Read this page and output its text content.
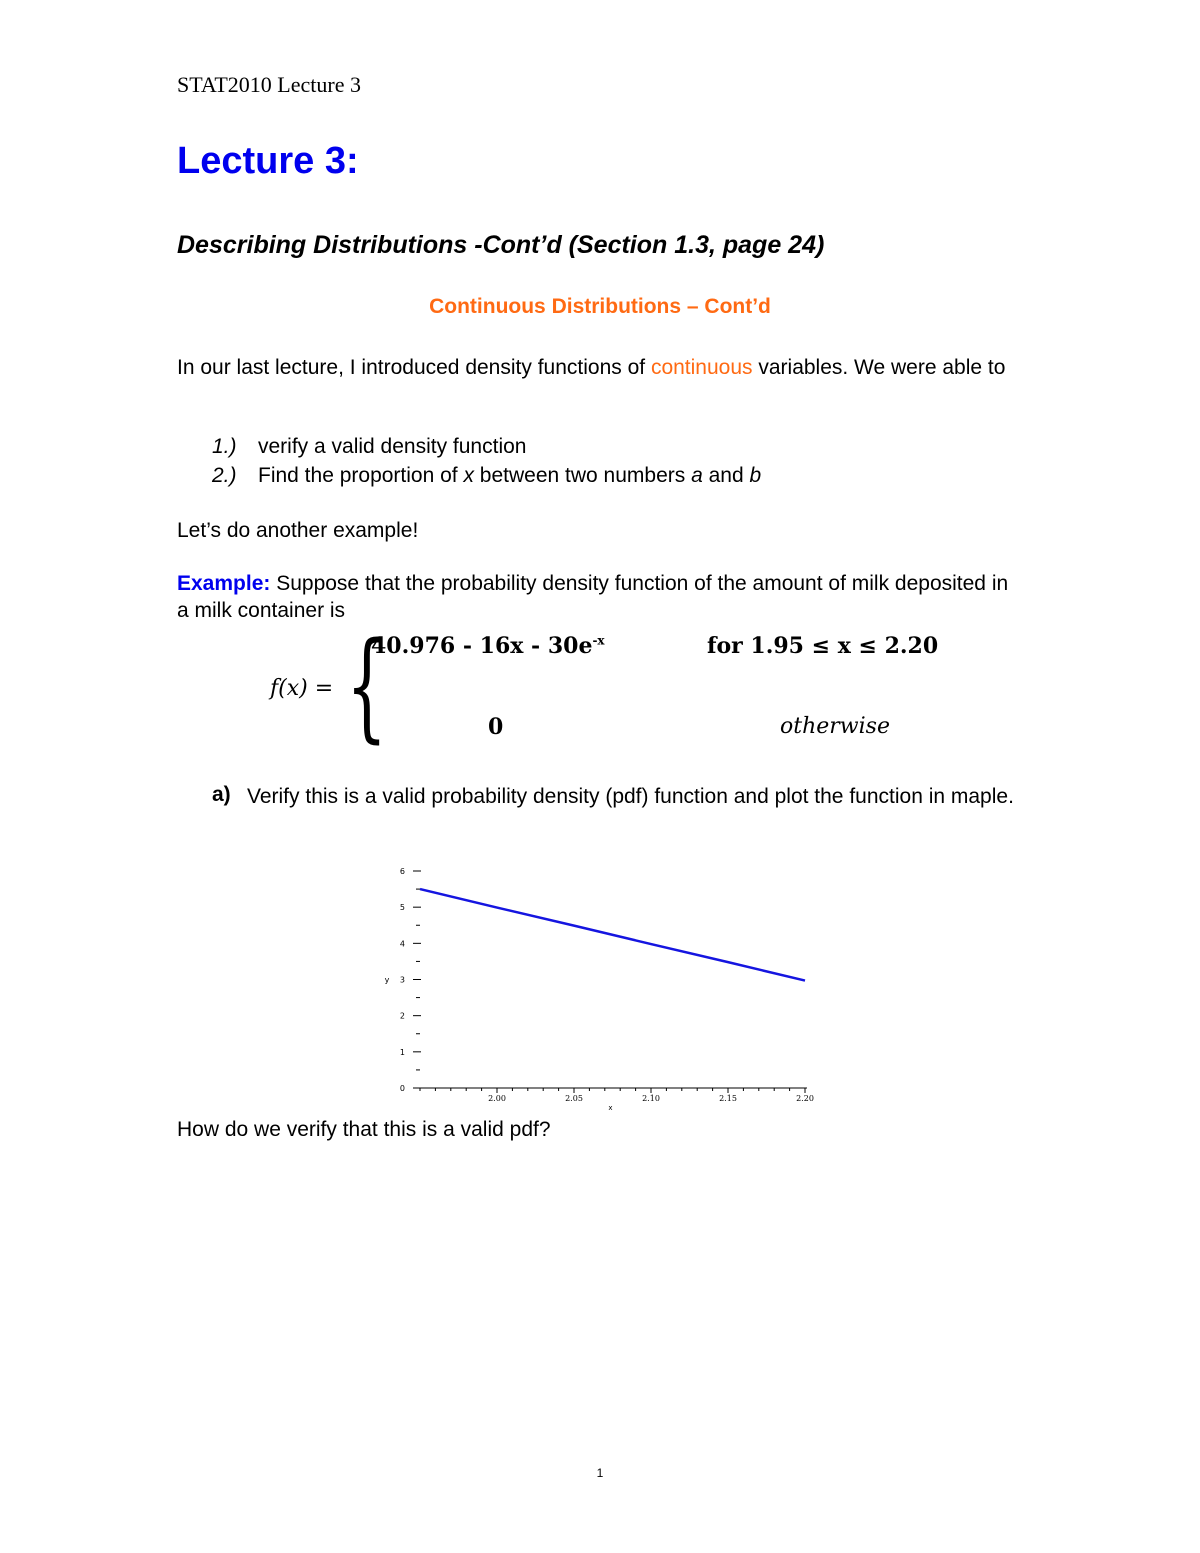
STAT2010 Lecture 3
Lecture 3:
Describing Distributions -Cont’d (Section 1.3, page 24)
Continuous Distributions – Cont’d
In our last lecture, I introduced density functions of continuous variables. We were able to
1.) verify a valid density function
2.) Find the proportion of x between two numbers a and b
Let’s do another example!
Example: Suppose that the probability density function of the amount of milk deposited in a milk container is
f(x) = {
$40.976 - 16x - 30e^{-x}$	for 1.95 ≤ x ≤ 2.20
0	otherwise
a) Verify this is a valid probability density (pdf) function and plot the function in maple.
0
1
2
3
4
5
6
2.00	2.05	2.10	2.15	2.20
x
y
How do we verify that this is a valid pdf?
1
